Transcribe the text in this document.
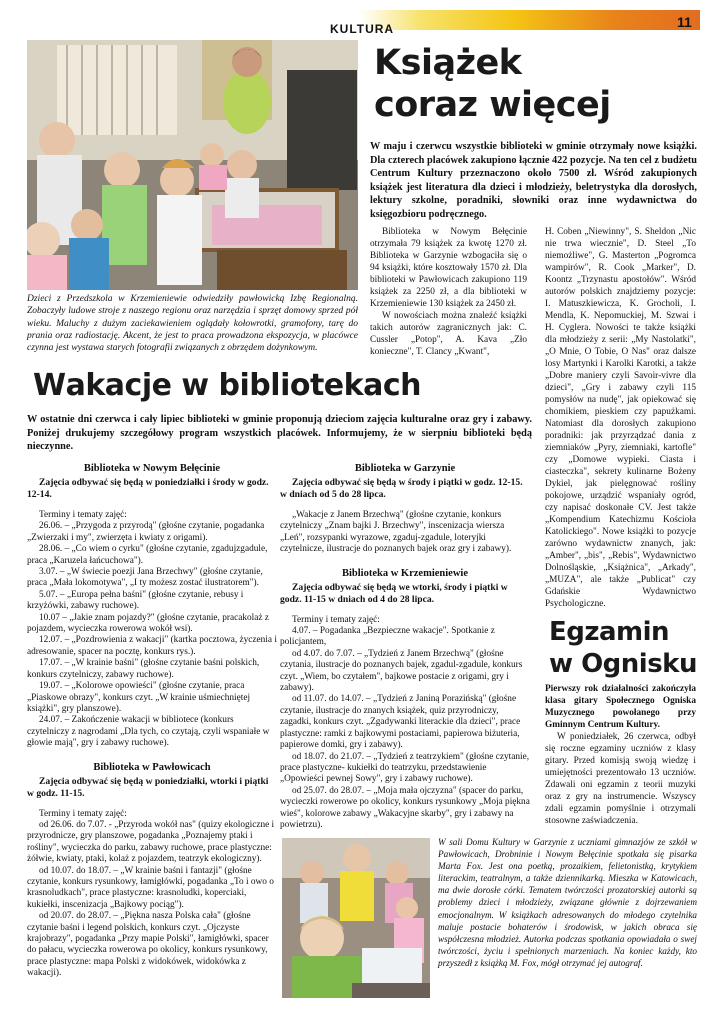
KULTURA	11
Dzieci z Przedszkola w Krzemieniewie odwiedziły pawłowicką Izbę Regionalną. Zobaczyły ludowe stroje z naszego regionu oraz narzędzia i sprzęt domowy sprzed pół wieku. Maluchy z dużym zaciekawieniem oglądały kołowrotki, gramofony, tarę do prania oraz radiostację. Akcent, że jest to praca prowadzona ekspozycja, w placówce czynna jest wystawa starych fotografii związanych z obrzędem dożynkowym.
Książek
coraz więcej
W maju i czerwcu wszystkie biblioteki w gminie otrzymały nowe książki. Dla czterech placówek zakupiono łącznie 422 pozycje. Na ten cel z budżetu Centrum Kultury przeznaczono około 7500 zł. Wśród zakupionych książek jest literatura dla dzieci i młodzieży, beletrystyka dla dorosłych, lektury szkolne, poradniki, słowniki oraz inne wydawnictwa do księgozbioru podręcznego.

Biblioteka w Nowym Bełęcinie otrzymała 79 książek za kwotę 1270 zł. Biblioteka w Garzynie wzbogaciła się o 94 książki, które kosztowały 1570 zł. Dla biblioteki w Pawłowicach zakupiono 119 książek za 2250 zł, a dla biblioteki w Krzemieniewie 130 książek za 2450 zł.

W nowościach można znaleźć książki takich autorów zagranicznych jak: C. Cussler „Potop", A. Kava „Zło konieczne", T. Clancy „Kwant",

H. Coben „Niewinny", S. Sheldon „Nic nie trwa wiecznie", D. Steel „To niemożliwe", G. Masterton „Pogromca wampirów", R. Cook „Marker", D. Koontz „Trzynastu apostołów". Wśród autorów polskich znajdziemy pozycje: I. Matuszkiewicza, K. Grocholi, I. Mendla, K. Nepomuckiej, M. Szwai i H. Cyglera. Nowości te także książki dla młodzieży z serii: „My Nastolatki", „O Mnie, O Tobie, O Nas" oraz dalsze losy Martynki i Karolki Karotki, a także „Dobre maniery czyli Savoir-vivre dla dzieci", „Gry i zabawy czyli 115 pomysłów na nudę", jak opiekować się chomikiem, pieskiem czy papużkami. Natomiast dla dorosłych zakupiono poradniki: jak przyrządzać dania z ziemniaków „Pyry, ziemniaki, kartofle" czy „Domowe wypieki. Ciasta i ciasteczka", sekrety kulinarne Bożeny Dykiel, jak pielęgnować rośliny pokojowe, urządzić wspaniały ogród, czy napisać doskonałe CV. Jest także „Kompendium Katechizmu Kościoła Katolickiego". Nowe książki to pozycje zarówno wydawnictw znanych, jak: „Amber", „bis", „Rebis", Wydawnictwo Dolnośląskie, „Książnica", „Arkady", „MUZA", ale także „Publicat" czy Gdańskie Wydawnictwo Psychologiczne.

Wakacje w bibliotekach
W ostatnie dni czerwca i cały lipiec biblioteki w gminie proponują dzieciom zajęcia kulturalne oraz gry i zabawy. Poniżej drukujemy szczegółowy program wszystkich placówek. Informujemy, że w sierpniu biblioteki będą nieczynne.
Biblioteka w Nowym Bełęcinie

Zajęcia odbywać się będą w poniedziałki i środy w godz. 12-14.

Terminy i tematy zajęć:

26.06. – „Przygoda z przyrodą" (głośne czytanie, pogadanka „Zwierzaki i my", zwierzęta i kwiaty z origami).

28.06. – „Co wiem o cyrku" (głośne czytanie, zgadujzgadule, praca „Karuzela łańcuchowa").

3.07. – „W świecie poezji Jana Brzechwy" (głośne czytanie, praca „Mała lokomotywa", „I ty możesz zostać ilustratorem").

5.07. – „Europa pełna baśni" (głośne czytanie, rebusy i krzyżówki, zabawy ruchowe).

10.07 – „Jakie znam pojazdy?" (głośne czytanie, pracakolaż z pojazdem, wycieczka rowerowa wokół wsi).

12.07. – „Pozdrowienia z wakacji" (kartka pocztowa, życzenia i adresowanie, spacer na pocztę, konkurs rys.).

17.07. – „W krainie baśni" (głośne czytanie baśni polskich, konkurs czytelniczy, zabawy ruchowe).

19.07. – „Kolorowe opowieści" (głośne czytanie, praca „Piaskowe obrazy", konkurs czyt. „W krainie uśmiechniętej książki", gry planszowe).

24.07. – Zakończenie wakacji w bibliotece (konkurs czytelniczy z nagrodami „Dla tych, co czytają, czyli wspaniałe w głowie mają", gry i zabawy ruchowe).

Biblioteka w Pawłowicach

Zajęcia odbywać się będą w poniedziałki, wtorki i piątki w godz. 11-15.

Terminy i tematy zajęć:

od 26.06. do 7.07. - „Przyroda wokół nas" (quizy ekologiczne i przyrodnicze, gry planszowe, pogadanka „Poznajemy ptaki i rośliny", wycieczka do parku, zabawy ruchowe, prace plastyczne: żółwie, kwiaty, ptaki, kolaż z pojazdem, teatrzyk ekologiczny).

od 10.07. do 18.07. – „W krainie baśni i fantazji" (głośne czytanie, konkurs rysunkowy, łamigłówki, pogadanka „To i owo o krasnoludkach", prace plastyczne: krasnoludki, koperciaki, kukiełki, inscenizacja „Bajkowy pociąg").

od 20.07. do 28.07. – „Piękna nasza Polska cała" (głośne czytanie baśni i legend polskich, konkurs czyt. „Ojczyste krajobrazy", pogadanka „Przy mapie Polski", łamigłówki, spacer do pałacu, wycieczka rowerowa po okolicy, konkurs rysunkowy, prace plastyczne: mapa Polski z widokówek, widokówka z wakacji).

Biblioteka w Garzynie

Zajęcia odbywać się będą w środy i piątki w godz. 12-15. w dniach od 5 do 28 lipca.

„Wakacje z Janem Brzechwą" (głośne czytanie, konkurs czytelniczy „Znam bajki J. Brzechwy", inscenizacja wiersza „Leń", rozsypanki wyrazowe, zgaduj-zgadule, loteryjki czytelnicze, ilustracje do poznanych bajek oraz gry i zabawy).

Biblioteka w Krzemieniewie

Zajęcia odbywać się będą we wtorki, środy i piątki w godz. 11-15 w dniach od 4 do 28 lipca.

Terminy i tematy zajęć:

4.07. – Pogadanka „Bezpieczne wakacje". Spotkanie z policjantem,

od 4.07. do 7.07. – „Tydzień z Janem Brzechwą" (głośne czytania, ilustracje do poznanych bajek, zgadul-zgadule, konkurs czyt. „Wiem, bo czytałem", bajkowe postacie z origami, gry i zabawy).

od 11.07. do 14.07. – „Tydzień z Janiną Porazińską" (głośne czytanie, ilustracje do znanych książek, quiz przyrodniczy, zagadki, konkurs czyt. „Zgadywanki literackie dla dzieci", prace plastyczne: ramki z bajkowymi postaciami, papierowa biżuteria, papierowe domki, gry i zabawy).

od 18.07. do 21.07. – „Tydzień z teatrzykiem" (głośne czytanie, prace plastyczne- kukiełki do teatrzyku, przedstawienie „Opowieści pewnej Sowy", gry i zabawy ruchowe).

od 25.07. do 28.07. – „Moja mała ojczyzna" (spacer do parku, wycieczki rowerowe po okolicy, konkurs rysunkowy „Moja piękna wieś", kolorowe zabawy „Wakacyjne skarby", gry i zabawy na powietrzu).

Egzamin
w Ognisku

Pierwszy rok działalności zakończyła klasa gitary Społecznego Ogniska Muzycznego powołanego przy Gminnym Centrum Kultury.

W poniedziałek, 26 czerwca, odbył się roczne egzaminy uczniów z klasy gitary. Przed komisją swoją wiedzę i umiejętności prezentowało 13 uczniów. Zdawali oni egzamin z teorii muzyki oraz z gry na instrumencie. Wszyscy zdali egzamin pomyślnie i otrzymali stosowne zaświadczenia.

W sali Domu Kultury w Garzynie z uczniami gimnazjów ze szkół w Pawłowicach, Drobninie i Nowym Bełęcinie spotkała się pisarka Marta Fox. Jest ona poetką, prozaikiem, felietonistką, krytykiem literackim, teatralnym, a także dziennikarką. Mieszka w Katowicach, ma dwie dorosłe córki. Tematem twórczości prozatorskiej autorki są problemy dzieci i młodzieży, związane głównie z dojrzewaniem emocjonalnym. W książkach adresowanych do młodego czytelnika maluje postacie bohaterów i środowisk, w jakich obraca się współczesna młodzież. Autorka podczas spotkania opowiadała o swej twórczości, życiu i spełnionych marzeniach. Na koniec każdy, kto przyszedł z książką M. Fox, mógł otrzymać jej autograf.
